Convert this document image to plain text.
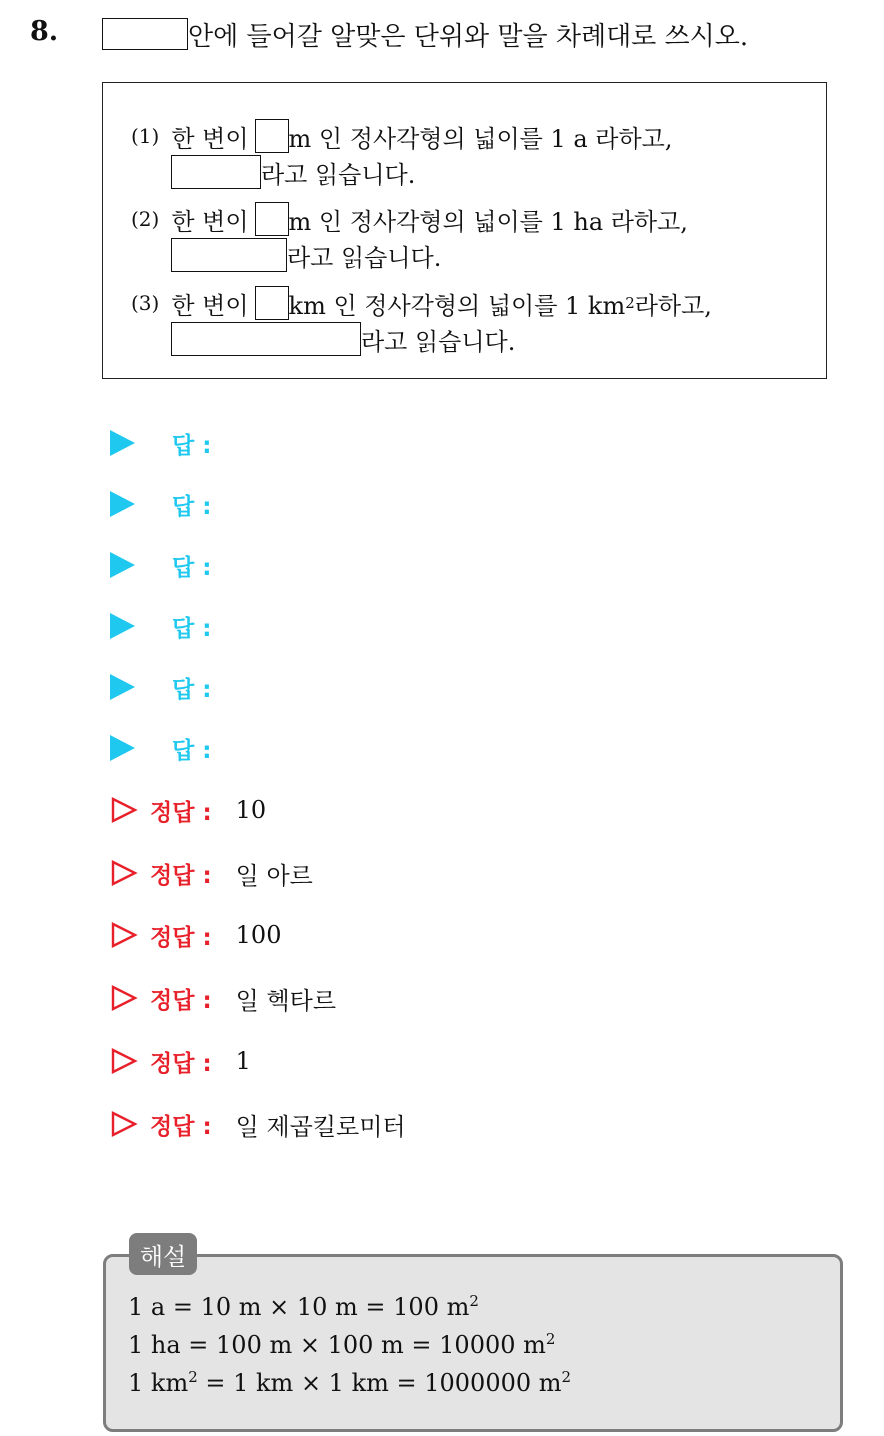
8.	안에 들어갈 알맞은 단위와 말을 차례대로 쓰시오.
(1) 한 변이 m 인 정사각형의 넓이를 1 a 라하고,
라고 읽습니다.
(2) 한 변이 m 인 정사각형의 넓이를 1 ha 라하고,
라고 읽습니다.
(3) 한 변이 km 인 정사각형의 넓이를 1 km 2 라하고,
라고 읽습니다.
답 :
답 :
답 :
답 :
답 :
답 :
정답 : 10
정답 : 일 아르
정답 : 100
정답 : 일 헥타르
정답 : 1
정답 : 일 제곱킬로미터
1 a = 10 m × 10 m = 100 $m^2$
1 ha = 100 m × 100 m = 10000 $m^2$
1 $km^2 = 1$ km × 1 km = 1000000 $m^2$
해설
